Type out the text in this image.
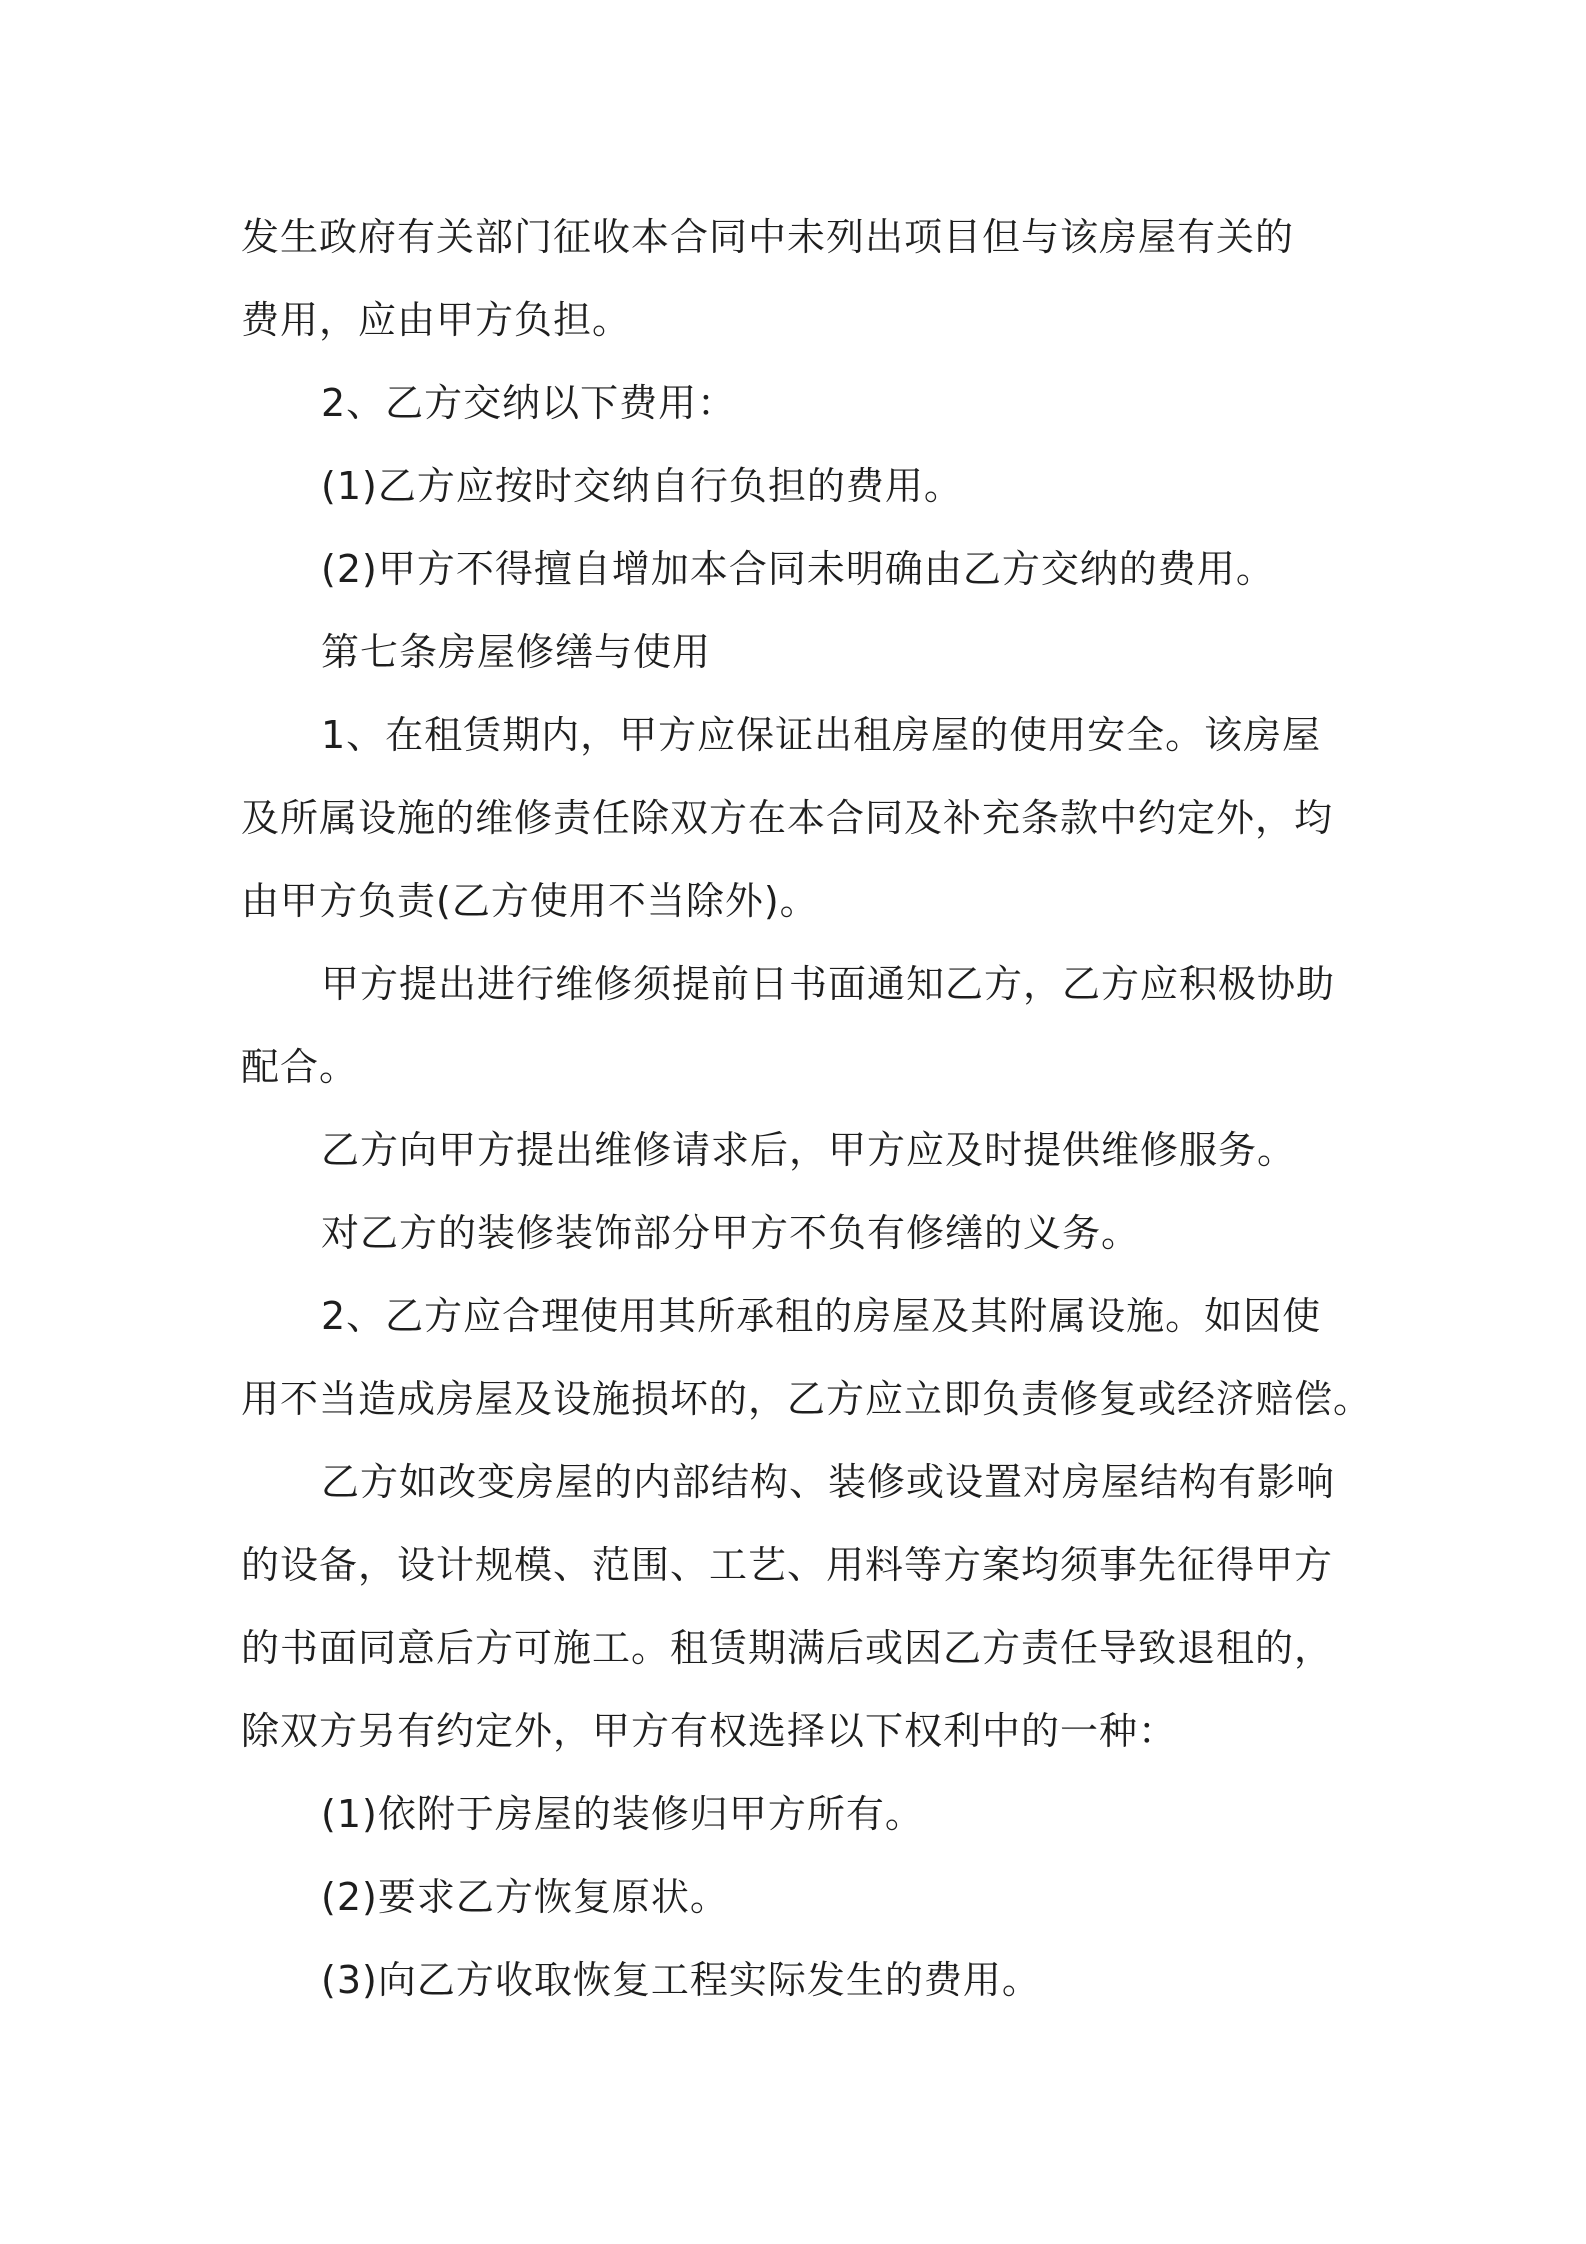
发生政府有关部门征收本合同中未列出项目但与该房屋有关的

费用，应由甲方负担。

2、乙方交纳以下费用：

(1)乙方应按时交纳自行负担的费用。

(2)甲方不得擅自增加本合同未明确由乙方交纳的费用。

第七条房屋修缮与使用

1、在租赁期内，甲方应保证出租房屋的使用安全。该房屋

及所属设施的维修责任除双方在本合同及补充条款中约定外，均

由甲方负责(乙方使用不当除外)。

甲方提出进行维修须提前日书面通知乙方，乙方应积极协助

配合。

乙方向甲方提出维修请求后，甲方应及时提供维修服务。

对乙方的装修装饰部分甲方不负有修缮的义务。

2、乙方应合理使用其所承租的房屋及其附属设施。如因使

用不当造成房屋及设施损坏的，乙方应立即负责修复或经济赔偿。

乙方如改变房屋的内部结构、装修或设置对房屋结构有影响

的设备，设计规模、范围、工艺、用料等方案均须事先征得甲方

的书面同意后方可施工。租赁期满后或因乙方责任导致退租的，

除双方另有约定外，甲方有权选择以下权利中的一种：

(1)依附于房屋的装修归甲方所有。

(2)要求乙方恢复原状。

(3)向乙方收取恢复工程实际发生的费用。
